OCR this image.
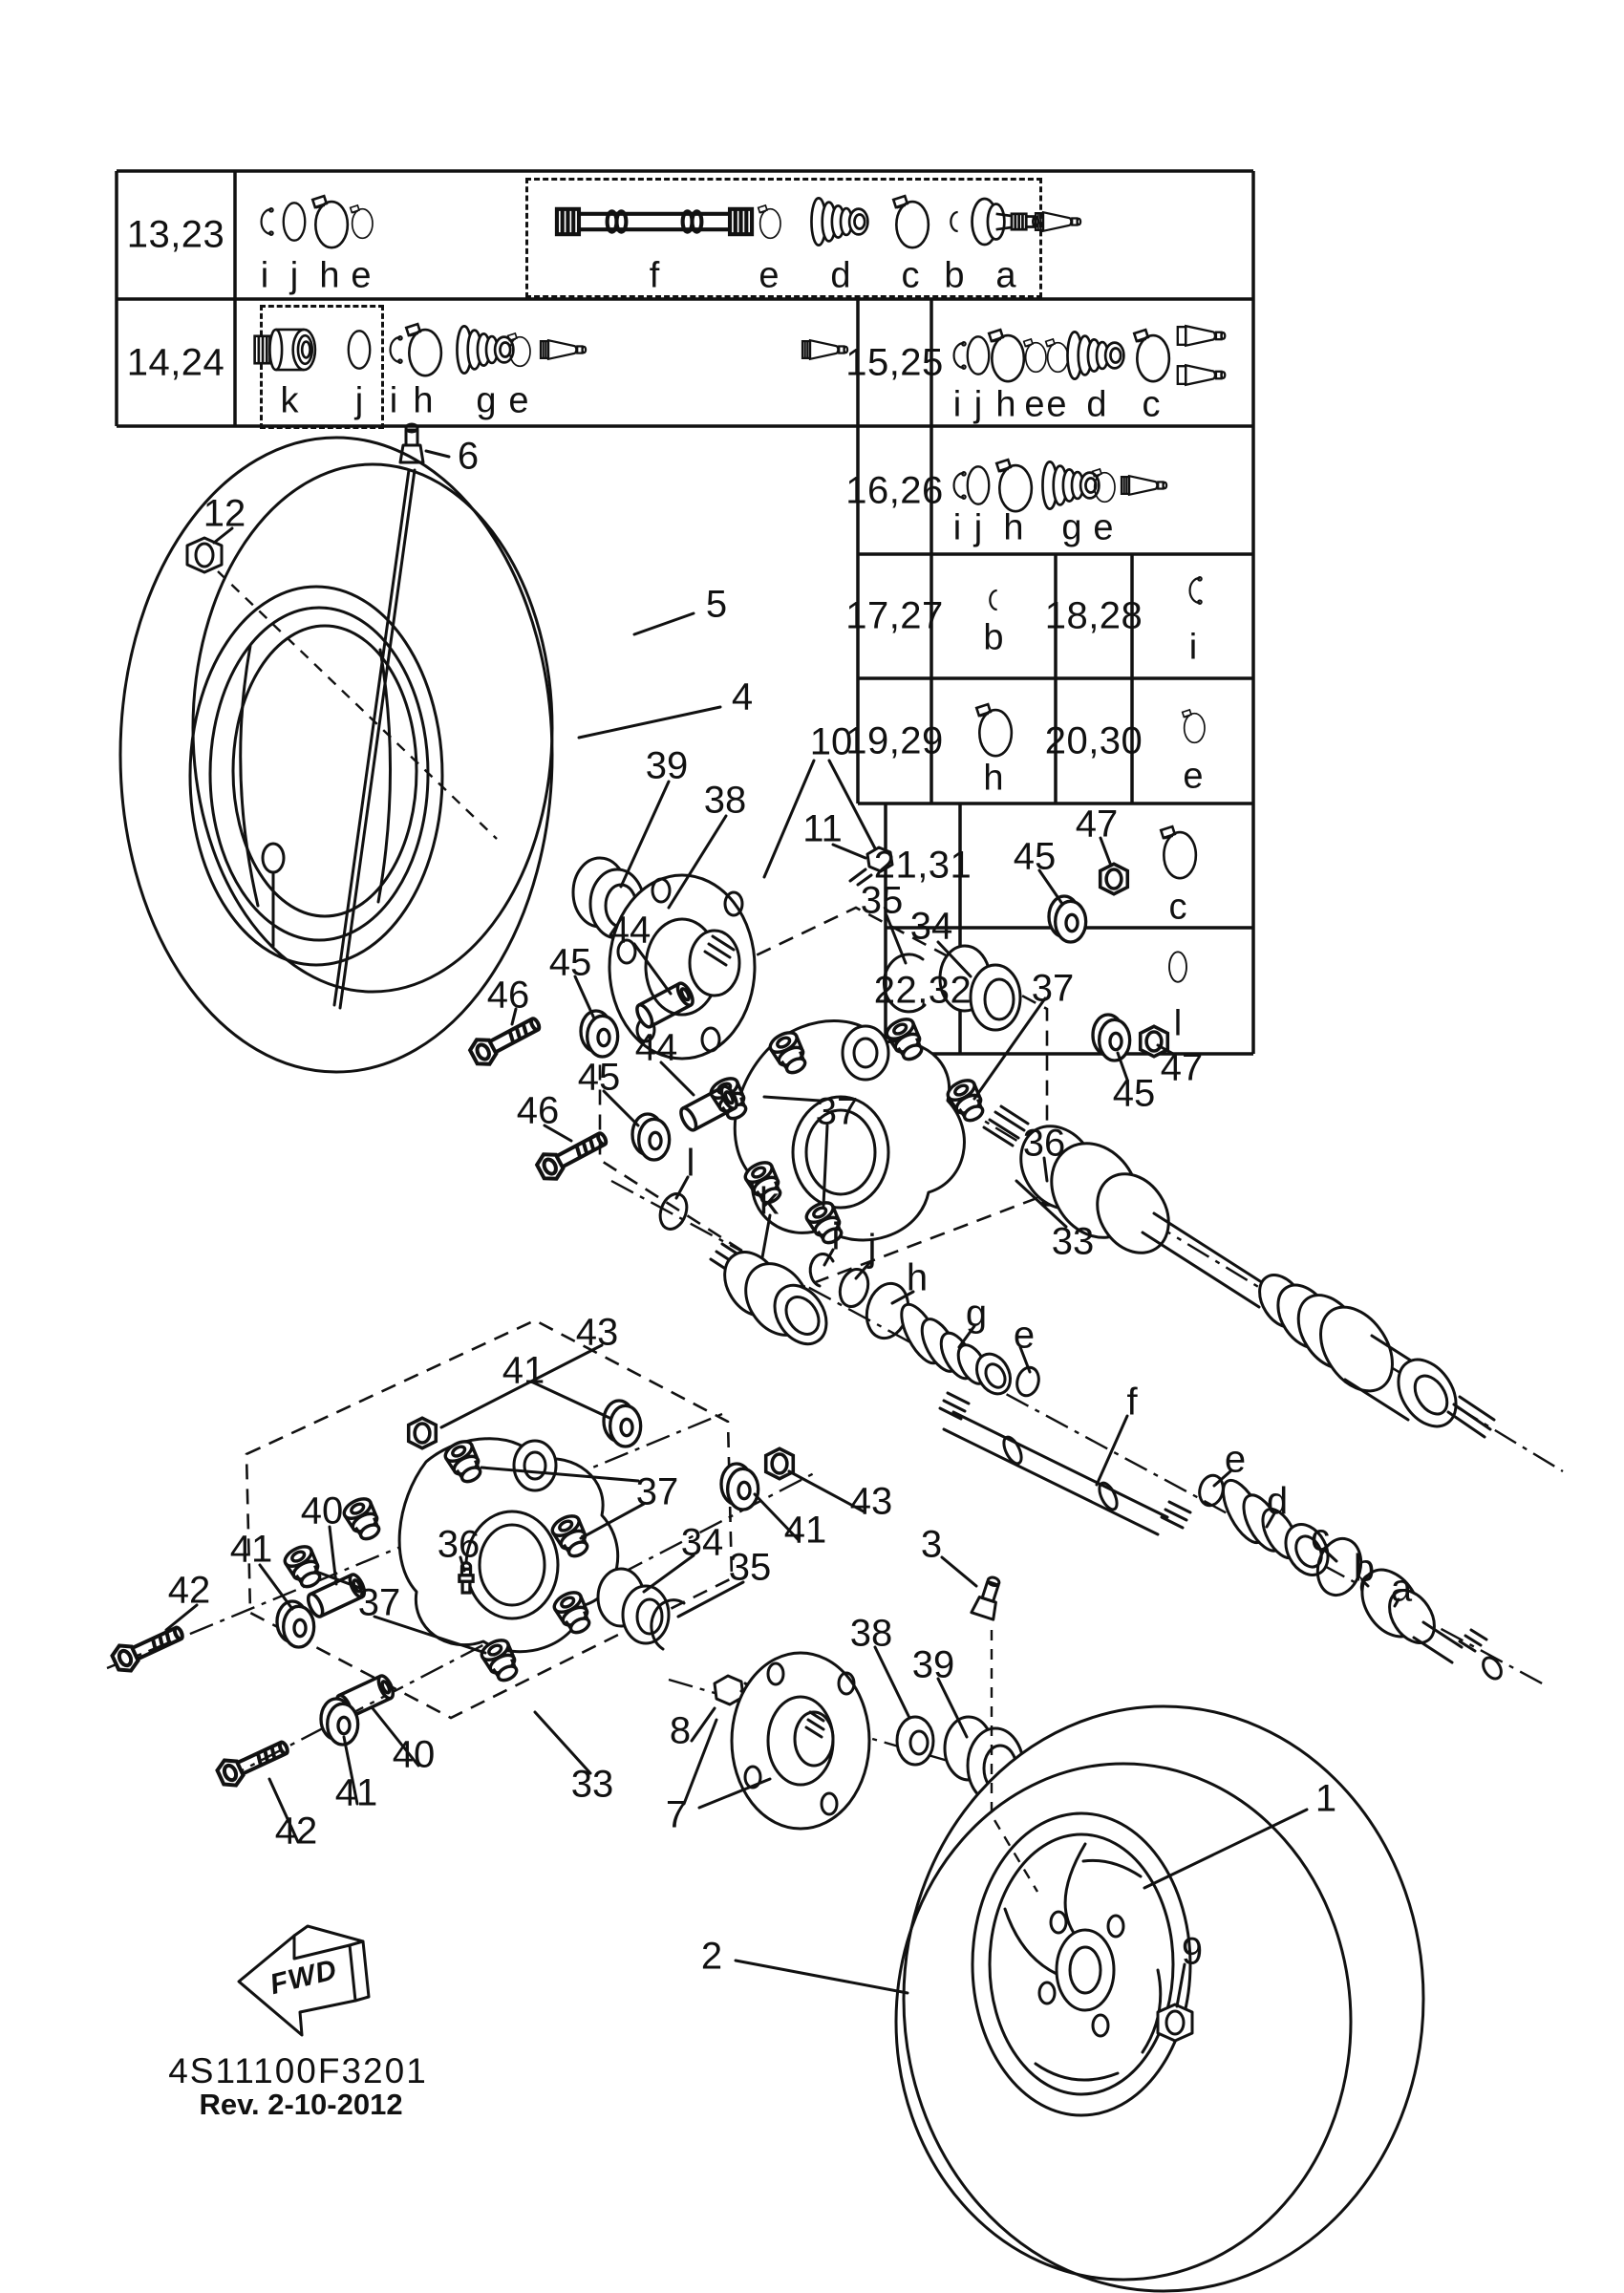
4S11100F3201
Rev. 2-10-2012
FWD
13,23
i j h e	f	e d c b a
14,24
k j i h g e
15,25
i j h e e d c
16,26
i j h g e
17,27
b
18,28
i
19,29
h
20,30
e
21,31
c
22,32
l
6
12
5
4
39
38
10
11
35
34
47
45
44
45
46
44
45
46
37
47
45
37
36
33
43
41
40
41
42
36
37
37
34
35
41
43
3
38
39
8
7
33
40
41
42
2
1
9
l
k
i j
h
g
e
f
e
d
c
b a
